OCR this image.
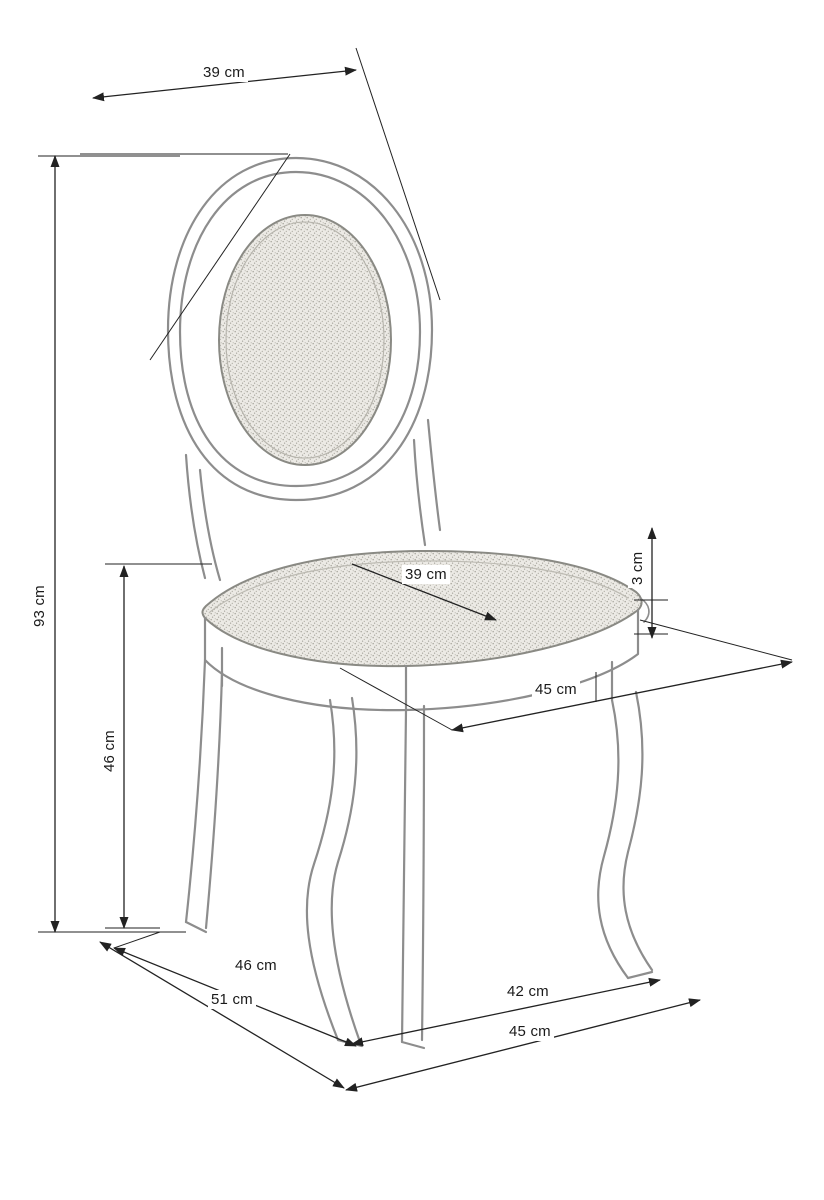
39 cm
93 cm
46 cm
39 cm	3 cm
45 cm
46 cm
51 cm	42 cm
45 cm
